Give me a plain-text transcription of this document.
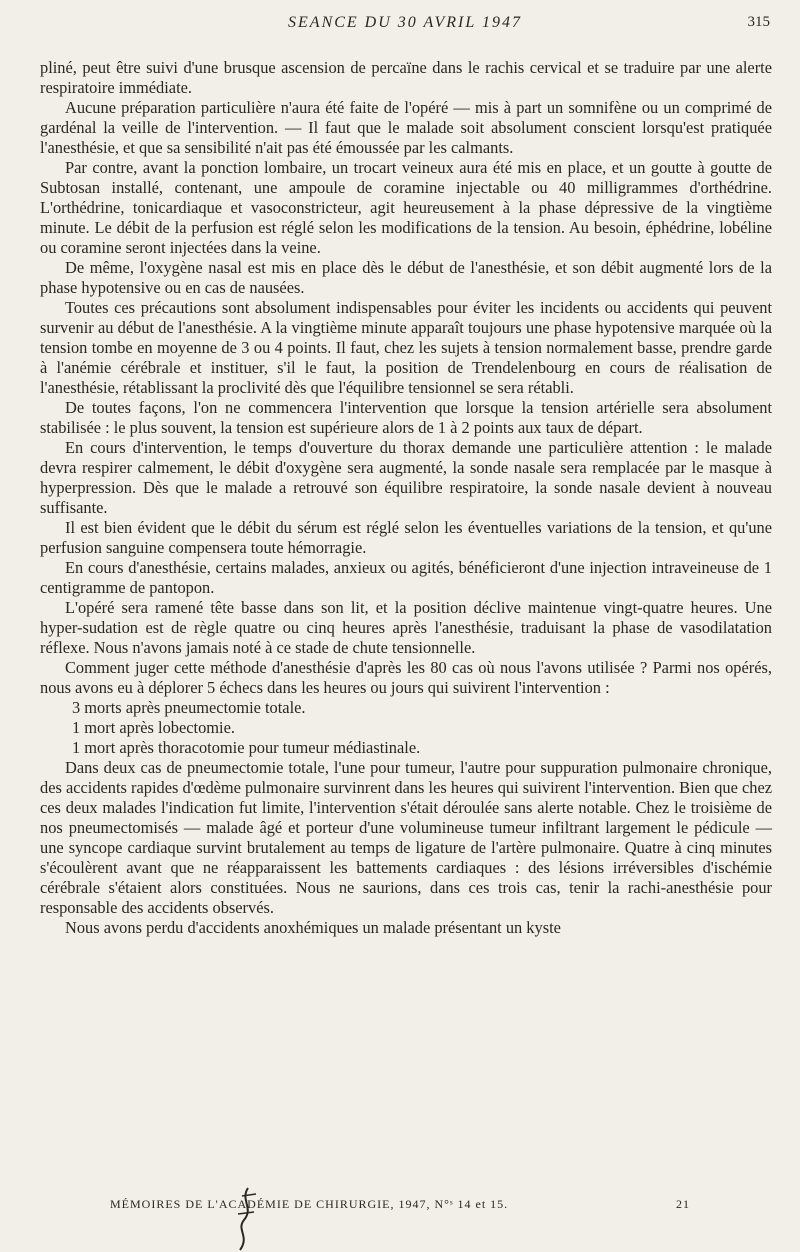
SEANCE DU 30 AVRIL 1947	315

pliné, peut être suivi d'une brusque ascension de percaïne dans le rachis cervical et se traduire par une alerte respiratoire immédiate.

Aucune préparation particulière n'aura été faite de l'opéré — mis à part un somnifène ou un comprimé de gardénal la veille de l'intervention. — Il faut que le malade soit absolument conscient lorsqu'est pratiquée l'anesthésie, et que sa sensibilité n'ait pas été émoussée par les calmants.

Par contre, avant la ponction lombaire, un trocart veineux aura été mis en place, et un goutte à goutte de Subtosan installé, contenant, une ampoule de coramine injectable ou 40 milligrammes d'orthédrine. L'orthédrine, tonicardiaque et vasoconstricteur, agit heureusement à la phase dépressive de la vingtième minute. Le débit de la perfusion est réglé selon les modifications de la tension. Au besoin, éphédrine, lobéline ou coramine seront injectées dans la veine.

De même, l'oxygène nasal est mis en place dès le début de l'anesthésie, et son débit augmenté lors de la phase hypotensive ou en cas de nausées.

Toutes ces précautions sont absolument indispensables pour éviter les incidents ou accidents qui peuvent survenir au début de l'anesthésie. A la vingtième minute apparaît toujours une phase hypotensive marquée où la tension tombe en moyenne de 3 ou 4 points. Il faut, chez les sujets à tension normalement basse, prendre garde à l'anémie cérébrale et instituer, s'il le faut, la position de Trendelenbourg en cours de réalisation de l'anesthésie, rétablissant la proclivité dès que l'équilibre tensionnel se sera rétabli.

De toutes façons, l'on ne commencera l'intervention que lorsque la tension artérielle sera absolument stabilisée : le plus souvent, la tension est supérieure alors de 1 à 2 points aux taux de départ.

En cours d'intervention, le temps d'ouverture du thorax demande une particulière attention : le malade devra respirer calmement, le débit d'oxygène sera augmenté, la sonde nasale sera remplacée par le masque à hyperpression. Dès que le malade a retrouvé son équilibre respiratoire, la sonde nasale devient à nouveau suffisante.

Il est bien évident que le débit du sérum est réglé selon les éventuelles variations de la tension, et qu'une perfusion sanguine compensera toute hémorragie.

En cours d'anesthésie, certains malades, anxieux ou agités, bénéficieront d'une injection intraveineuse de 1 centigramme de pantopon.

L'opéré sera ramené tête basse dans son lit, et la position déclive maintenue vingt-quatre heures. Une hyper-sudation est de règle quatre ou cinq heures après l'anesthésie, traduisant la phase de vasodilatation réflexe. Nous n'avons jamais noté à ce stade de chute tensionnelle.

Comment juger cette méthode d'anesthésie d'après les 80 cas où nous l'avons utilisée ? Parmi nos opérés, nous avons eu à déplorer 5 échecs dans les heures ou jours qui suivirent l'intervention :

3 morts après pneumectomie totale.
1 mort après lobectomie.
1 mort après thoracotomie pour tumeur médiastinale.

Dans deux cas de pneumectomie totale, l'une pour tumeur, l'autre pour suppuration pulmonaire chronique, des accidents rapides d'œdème pulmonaire survinrent dans les heures qui suivirent l'intervention. Bien que chez ces deux malades l'indication fut limite, l'intervention s'était déroulée sans alerte notable. Chez le troisième de nos pneumectomisés — malade âgé et porteur d'une volumineuse tumeur infiltrant largement le pédicule — une syncope cardiaque survint brutalement au temps de ligature de l'artère pulmonaire. Quatre à cinq minutes s'écoulèrent avant que ne réapparaissent les battements cardiaques : des lésions irréversibles d'ischémie cérébrale s'étaient alors constituées. Nous ne saurions, dans ces trois cas, tenir la rachi-anesthésie pour responsable des accidents observés.

Nous avons perdu d'accidents anoxhémiques un malade présentant un kyste

MÉMOIRES DE L'ACADÉMIE DE CHIRURGIE, 1947, N°ˢ 14 et 15.	21
